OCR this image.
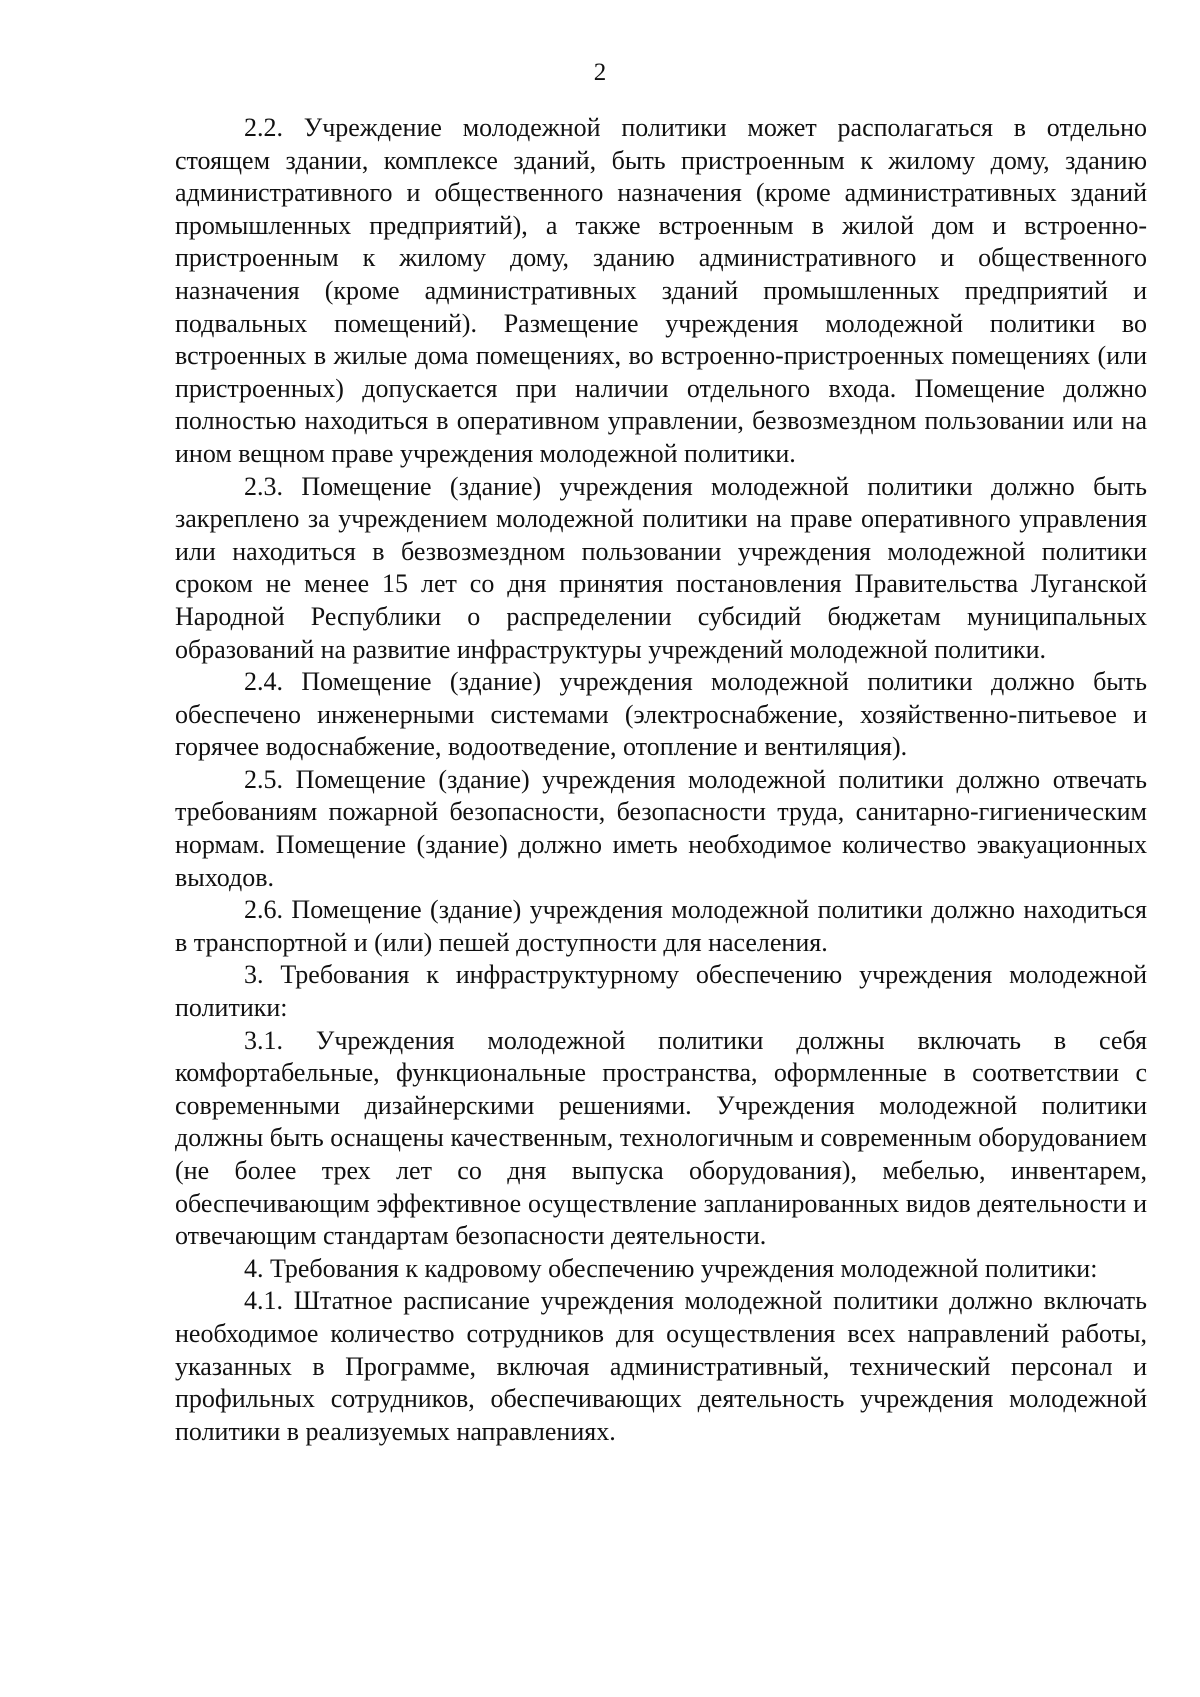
2

2.2. Учреждение молодежной политики может располагаться в отдельно стоящем здании, комплексе зданий, быть пристроенным к жилому дому, зданию административного и общественного назначения (кроме административных зданий промышленных предприятий), а также встроенным в жилой дом и встроенно-пристроенным к жилому дому, зданию административного и общественного назначения (кроме административных зданий промышленных предприятий и подвальных помещений). Размещение учреждения молодежной политики во встроенных в жилые дома помещениях, во встроенно-пристроенных помещениях (или пристроенных) допускается при наличии отдельного входа. Помещение должно полностью находиться в оперативном управлении, безвозмездном пользовании или на ином вещном праве учреждения молодежной политики.

2.3. Помещение (здание) учреждения молодежной политики должно быть закреплено за учреждением молодежной политики на праве оперативного управления или находиться в безвозмездном пользовании учреждения молодежной политики сроком не менее 15 лет со дня принятия постановления Правительства Луганской Народной Республики о распределении субсидий бюджетам муниципальных образований на развитие инфраструктуры учреждений молодежной политики.

2.4. Помещение (здание) учреждения молодежной политики должно быть обеспечено инженерными системами (электроснабжение, хозяйственно-питьевое и горячее водоснабжение, водоотведение, отопление и вентиляция).

2.5. Помещение (здание) учреждения молодежной политики должно отвечать требованиям пожарной безопасности, безопасности труда, санитарно-гигиеническим нормам. Помещение (здание) должно иметь необходимое количество эвакуационных выходов.

2.6. Помещение (здание) учреждения молодежной политики должно находиться в транспортной и (или) пешей доступности для населения.

3. Требования к инфраструктурному обеспечению учреждения молодежной политики:

3.1. Учреждения молодежной политики должны включать в себя комфортабельные, функциональные пространства, оформленные в соответствии с современными дизайнерскими решениями. Учреждения молодежной политики должны быть оснащены качественным, технологичным и современным оборудованием (не более трех лет со дня выпуска оборудования), мебелью, инвентарем, обеспечивающим эффективное осуществление запланированных видов деятельности и отвечающим стандартам безопасности деятельности.

4. Требования к кадровому обеспечению учреждения молодежной политики:

4.1. Штатное расписание учреждения молодежной политики должно включать необходимое количество сотрудников для осуществления всех направлений работы, указанных в Программе, включая административный, технический персонал и профильных сотрудников, обеспечивающих деятельность учреждения молодежной политики в реализуемых направлениях.
